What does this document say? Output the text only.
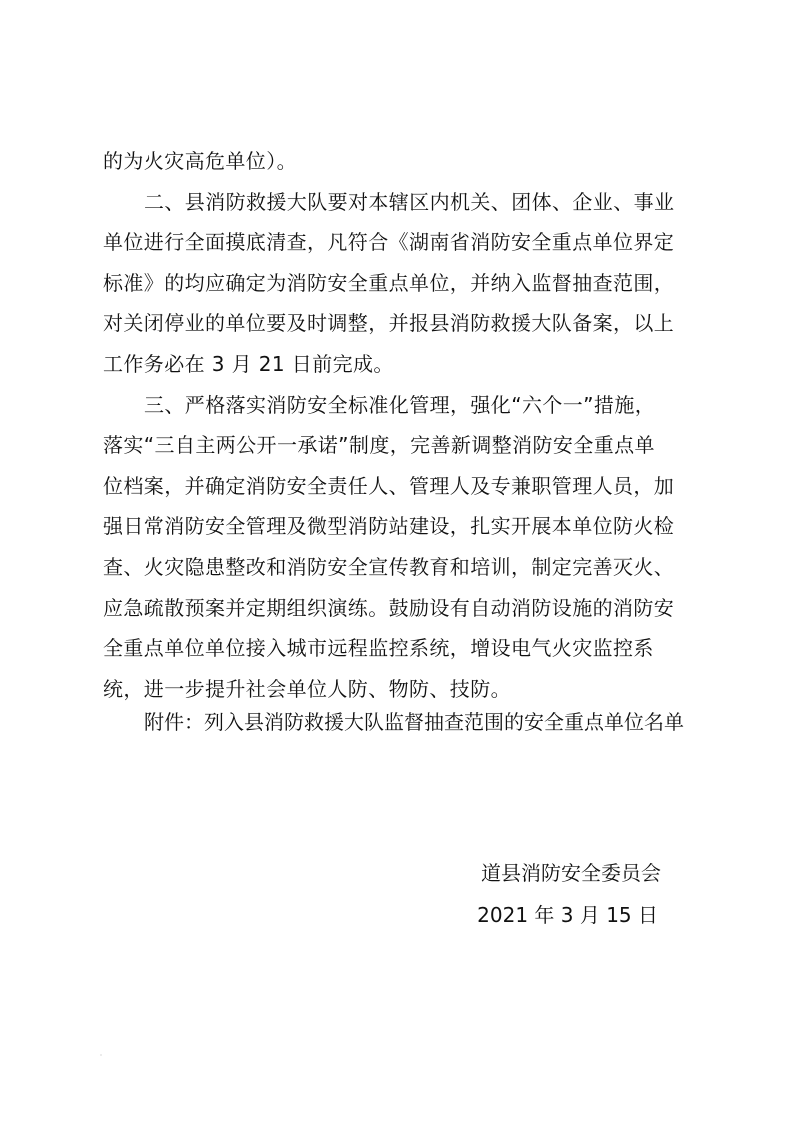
的为火灾高危单位）。
二、县消防救援大队要对本辖区内机关、团体、企业、事业
单位进行全面摸底清查，凡符合《湖南省消防安全重点单位界定
标准》的均应确定为消防安全重点单位，并纳入监督抽查范围，
对关闭停业的单位要及时调整，并报县消防救援大队备案，以上
工作务必在 3 月 21 日前完成。
三、严格落实消防安全标准化管理，强化“六个一”措施，
落实“三自主两公开一承诺”制度，完善新调整消防安全重点单
位档案，并确定消防安全责任人、管理人及专兼职管理人员，加
强日常消防安全管理及微型消防站建设，扎实开展本单位防火检
查、火灾隐患整改和消防安全宣传教育和培训，制定完善灭火、
应急疏散预案并定期组织演练。鼓励设有自动消防设施的消防安
全重点单位单位接入城市远程监控系统，增设电气火灾监控系
统，进一步提升社会单位人防、物防、技防。
附件：列入县消防救援大队监督抽查范围的安全重点单位名单
道县消防安全委员会
2021 年 3 月 15 日
